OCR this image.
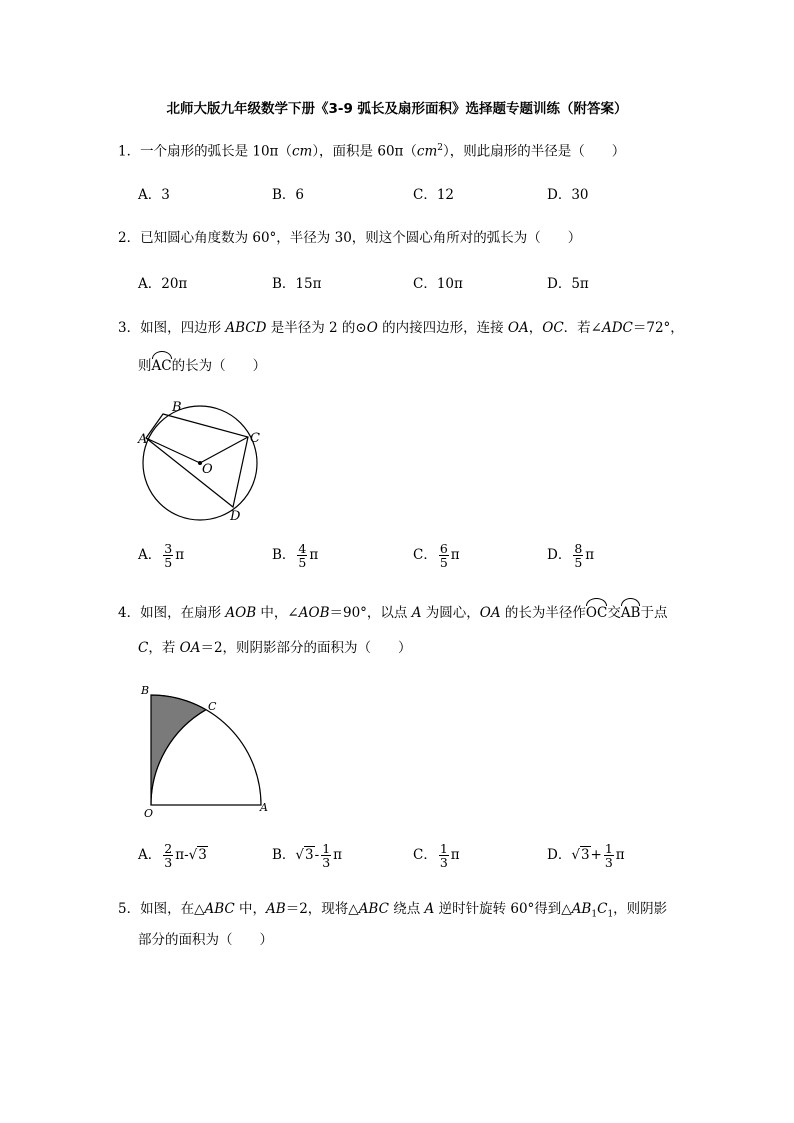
北师大版九年级数学下册《3-9 弧长及扇形面积》选择题专题训练（附答案）
1．一个扇形的弧长是 10π（cm），面积是 $60\pi(cm^2)$，则此扇形的半径是（　　）
A．3	B．6	C．12	D．30
2．已知圆心角度数为 60°，半径为 30，则这个圆心角所对的弧长为（　　）
A．20π	B．15π	C．10π	D．5π
3．如图，四边形 ABCD 是半径为 2 的⊙O 的内接四边形，连接 OA，OC．若∠ADC＝72°，
则AC的长为（　　）
A
B
C
D
O
A． $\frac{3}{5}$ π	B． $\frac{4}{5}$ π	C． $\frac{6}{5}$ π	D． $\frac{8}{5}$ π
4．如图，在扇形 AOB 中，∠AOB＝90°，以点 A 为圆心，OA 的长为半径作OC交AB于点
C，若 OA＝2，则阴影部分的面积为（　　）
B
C
O	A
A． $\frac{2}{3} \pi-√3$	B．$√3- \frac{1}{3}$ π	C． $\frac{1}{3}$ π	D．$√3+ \frac{1}{3}$ π
5．如图，在△ABC 中，AB＝2，现将△ABC 绕点 A 逆时针旋转 60°得到$\triangle AB_1C_1$，则阴影
部分的面积为（　　）
